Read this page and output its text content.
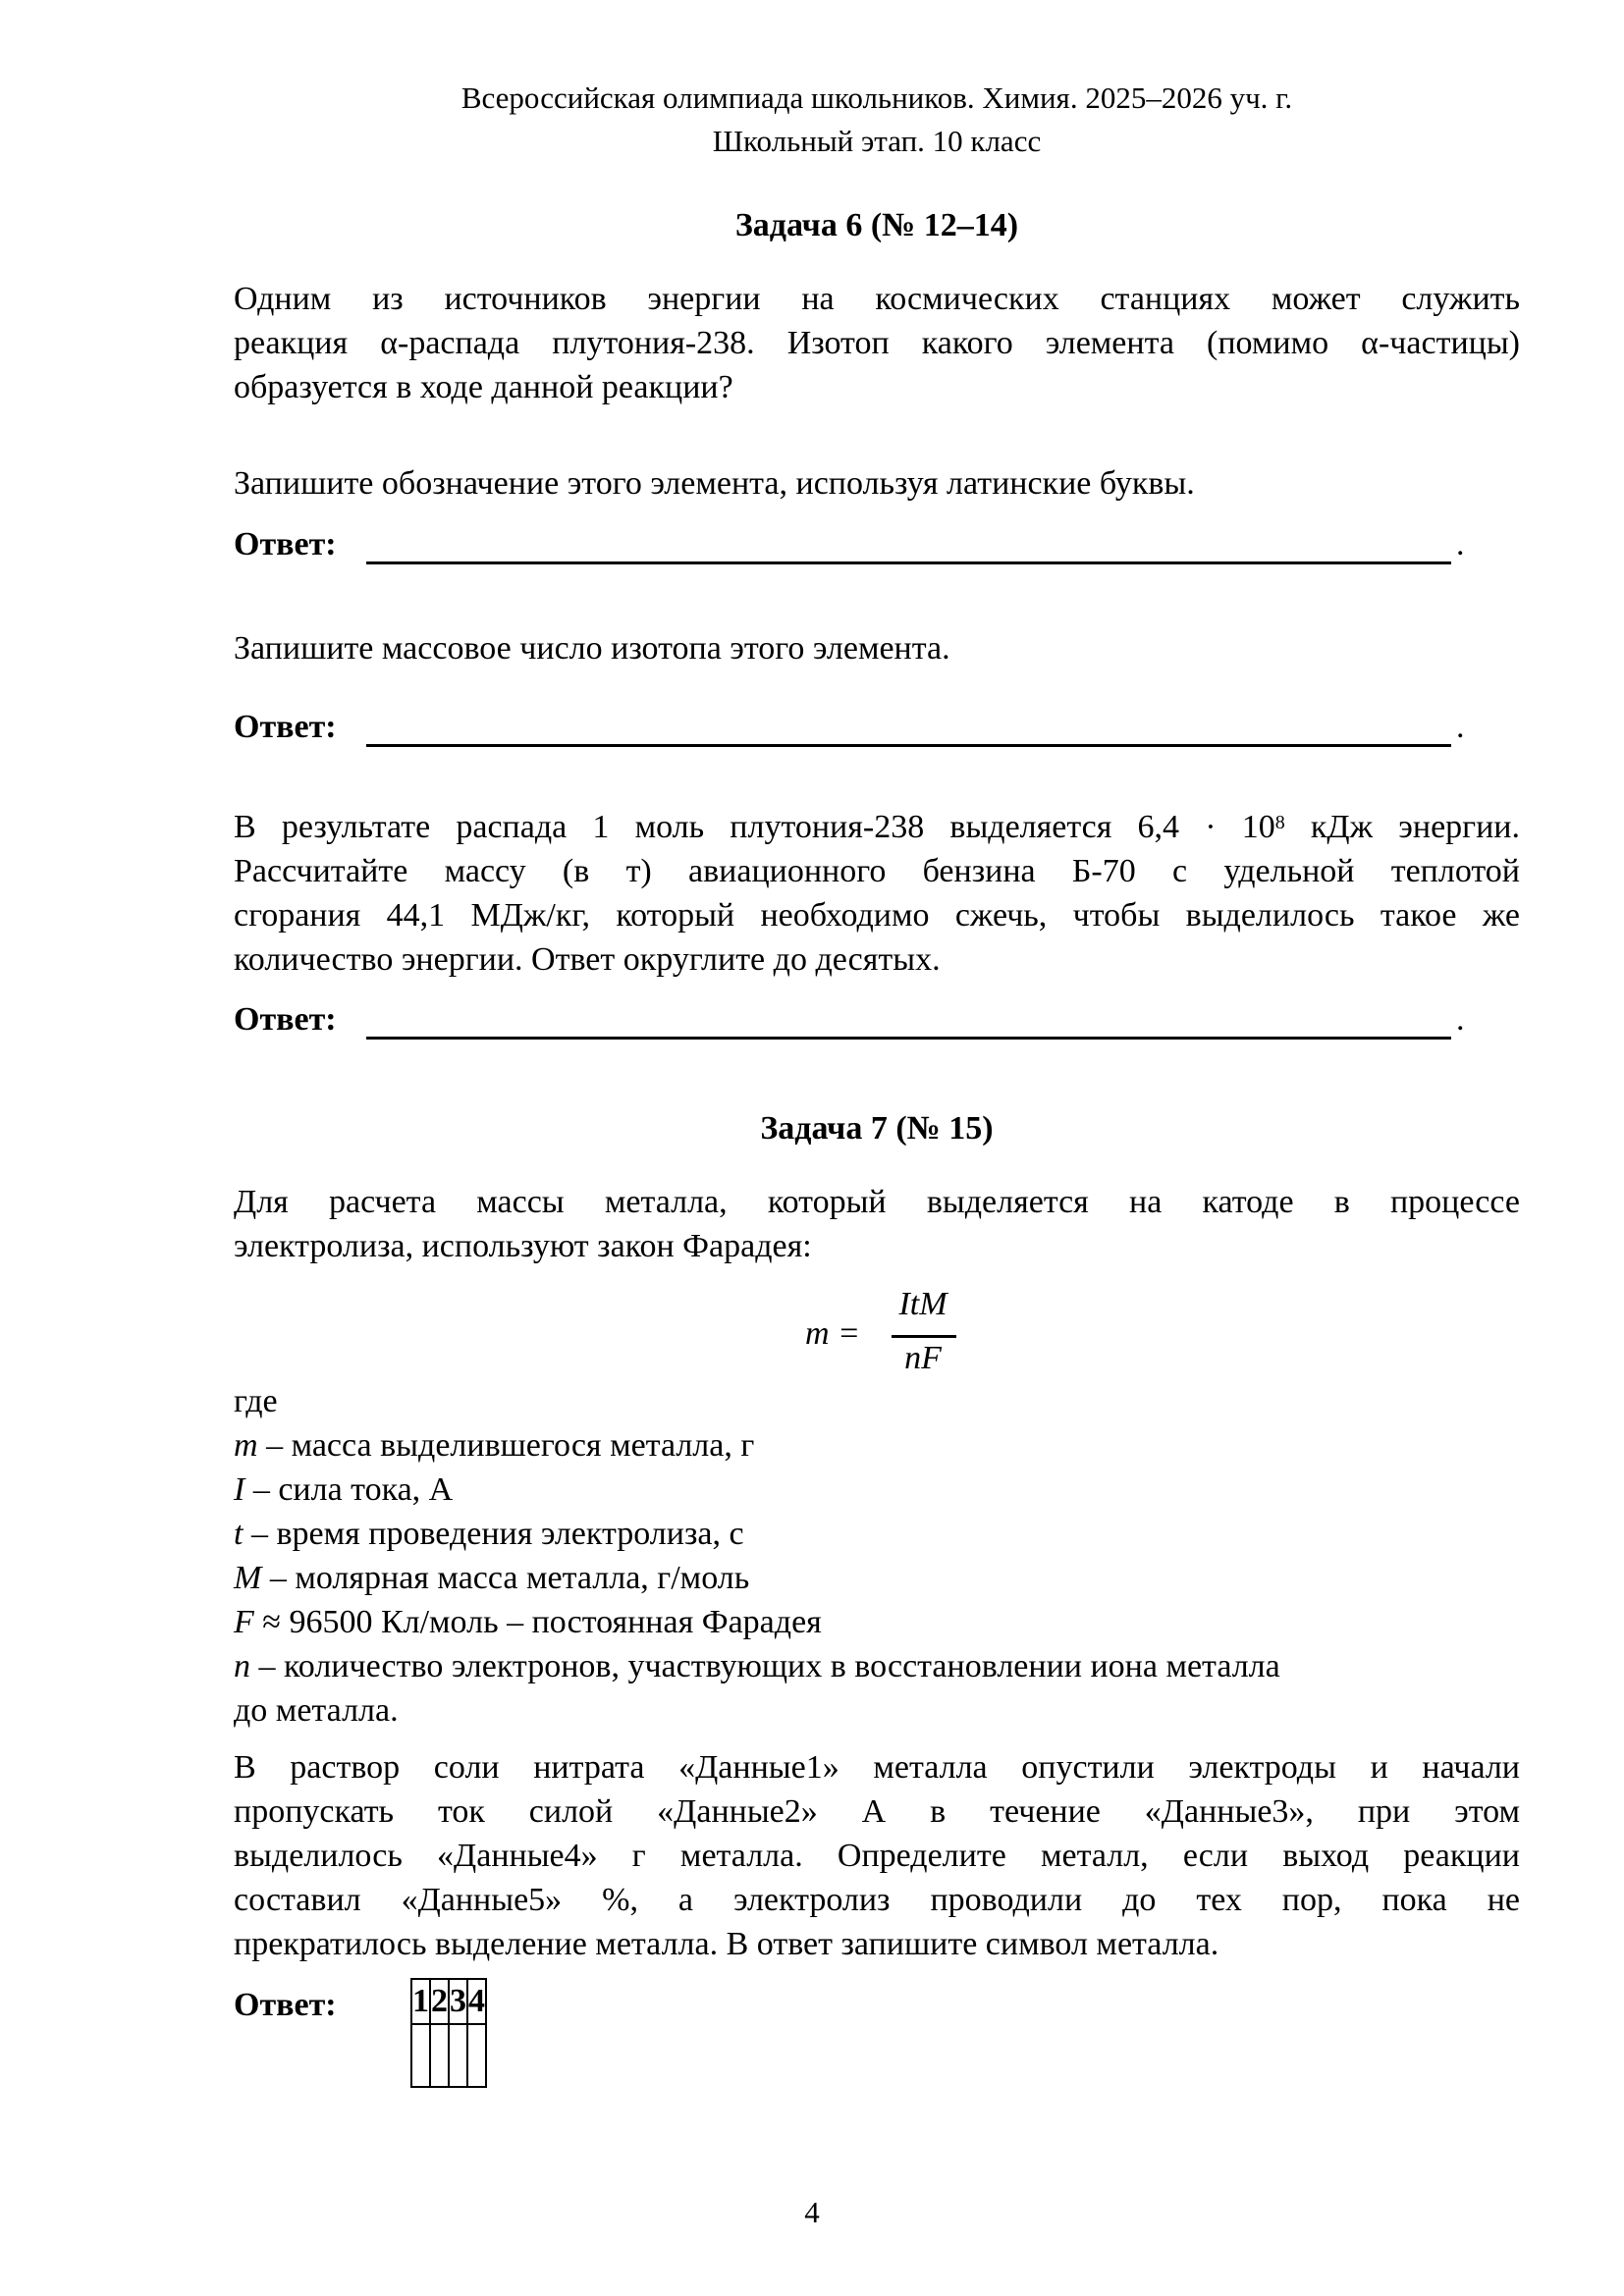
Всероссийская олимпиада школьников. Химия. 2025–2026 уч. г.
Школьный этап. 10 класс
Задача 6 (№ 12–14)
Одним из источников энергии на космических станциях может служить
реакция α-распада плутония-238. Изотоп какого элемента (помимо α-частицы)
образуется в ходе данной реакции?
Запишите обозначение этого элемента, используя латинские буквы.
Ответ:	.
Запишите массовое число изотопа этого элемента.
Ответ:	.
В результате распада 1 моль плутония-238 выделяется $6,4 \cdot 10^8$ кДж энергии.
Рассчитайте массу (в т) авиационного бензина Б-70 с удельной теплотой
сгорания 44,1 МДж/кг, который необходимо сжечь, чтобы выделилось такое же
количество энергии. Ответ округлите до десятых.
Ответ:	.
Задача 7 (№ 15)
Для расчета массы металла, который выделяется на катоде в процессе
электролиза, используют закон Фарадея:
m =
ItM
nF
где
m – масса выделившегося металла, г
I – сила тока, А
t – время проведения электролиза, с
M – молярная масса металла, г/моль
F ≈ 96500 Кл/моль – постоянная Фарадея
n – количество электронов, участвующих в восстановлении иона металла
до металла.
В раствор соли нитрата «Данные1» металла опустили электроды и начали
пропускать ток силой «Данные2» А в течение «Данные3», при этом
выделилось «Данные4» г металла. Определите металл, если выход реакции
составил «Данные5» %, а электролиз проводили до тех пор, пока не
прекратилось выделение металла. В ответ запишите символ металла.
Ответ: 1	2	3	4

4
